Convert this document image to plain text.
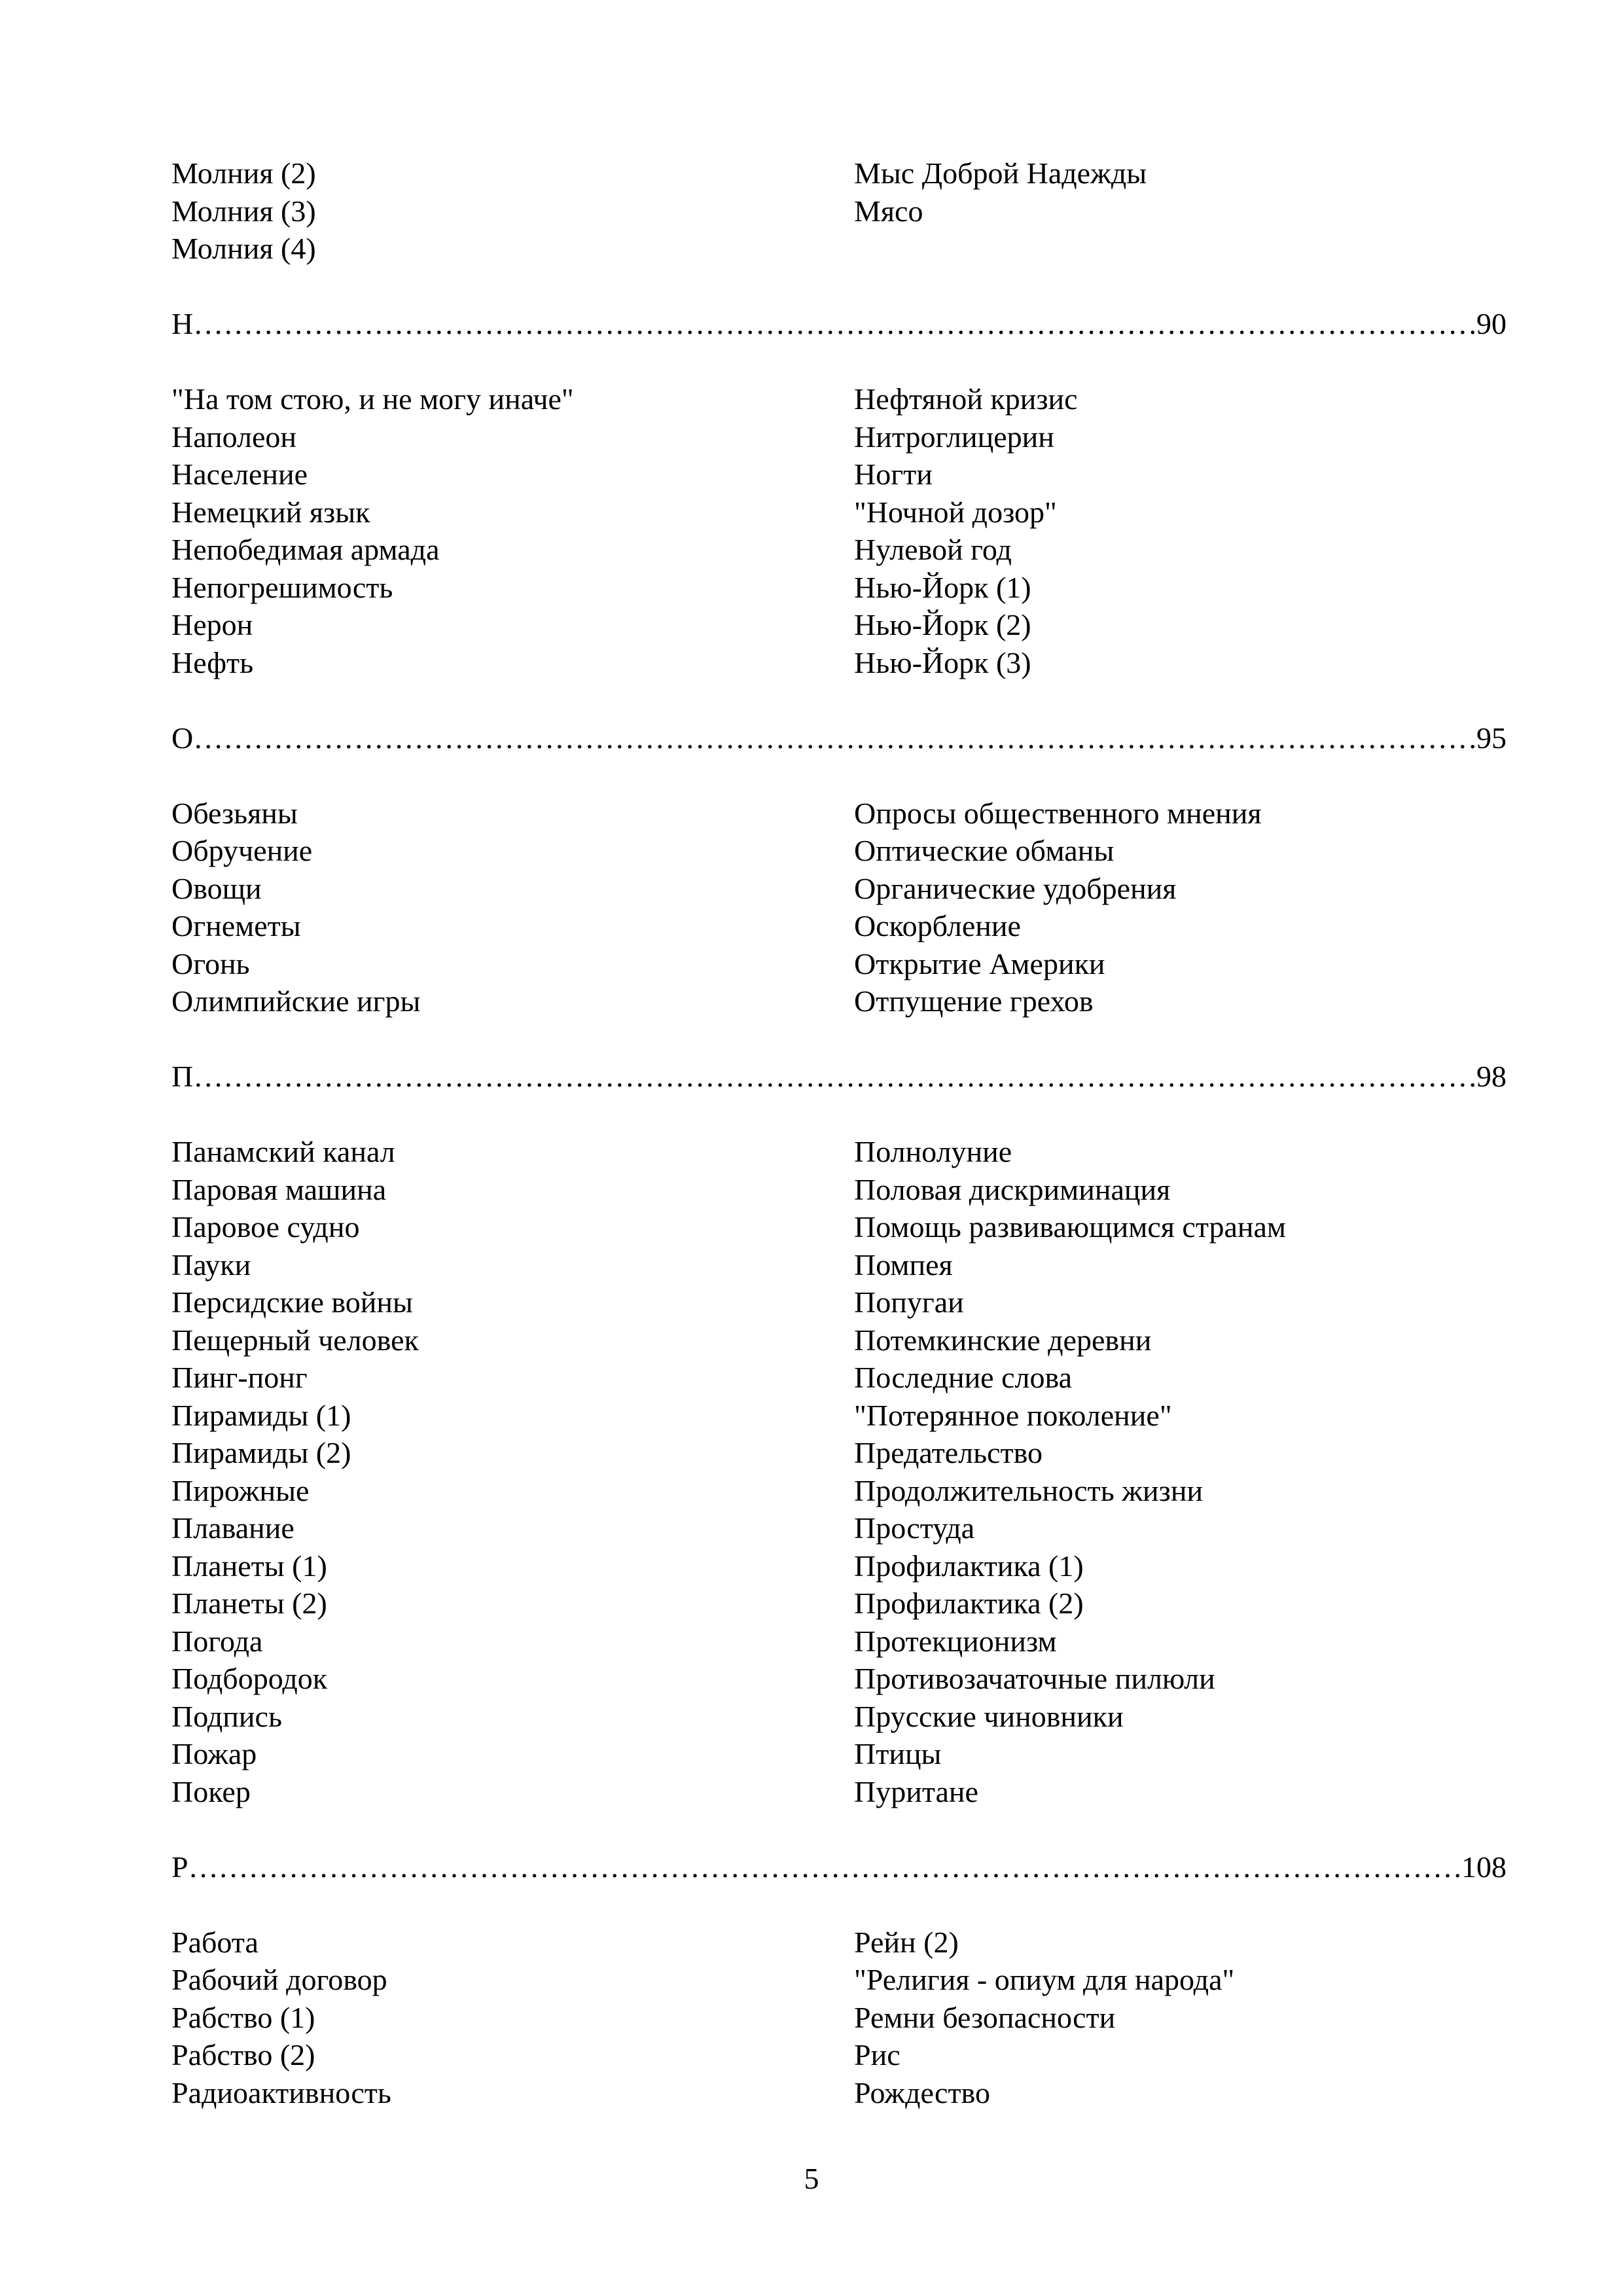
Молния (2)	Мыс Доброй Надежды
Молния (3)	Мясо
Молния (4)
Н ……………………………………………………………………………………………………………………………………………………………………………………………………………………………	90
"На том стою, и не могу иначе"	Нефтяной кризис
Наполеон	Нитроглицерин
Население	Ногти
Немецкий язык	"Ночной дозор"
Непобедимая армада	Нулевой год
Непогрешимость	Нью-Йорк (1)
Нерон	Нью-Йорк (2)
Нефть	Нью-Йорк (3)
О ……………………………………………………………………………………………………………………………………………………………………………………………………………………………	95
Обезьяны	Опросы общественного мнения
Обручение	Оптические обманы
Овощи	Органические удобрения
Огнеметы	Оскорбление
Огонь	Открытие Америки
Олимпийские игры	Отпущение грехов
П ……………………………………………………………………………………………………………………………………………………………………………………………………………………………	98
Панамский канал	Полнолуние
Паровая машина	Половая дискриминация
Паровое судно	Помощь развивающимся странам
Пауки	Помпея
Персидские войны	Попугаи
Пещерный человек	Потемкинские деревни
Пинг-понг	Последние слова
Пирамиды (1)	"Потерянное поколение"
Пирамиды (2)	Предательство
Пирожные	Продолжительность жизни
Плавание	Простуда
Планеты (1)	Профилактика (1)
Планеты (2)	Профилактика (2)
Погода	Протекционизм
Подбородок	Противозачаточные пилюли
Подпись	Прусские чиновники
Пожар	Птицы
Покер	Пуритане
Р ……………………………………………………………………………………………………………………………………………………………………………………………………………………………	108
Работа	Рейн (2)
Рабочий договор	"Религия - опиум для народа"
Рабство (1)	Ремни безопасности
Рабство (2)	Рис
Радиоактивность	Рождество
5
